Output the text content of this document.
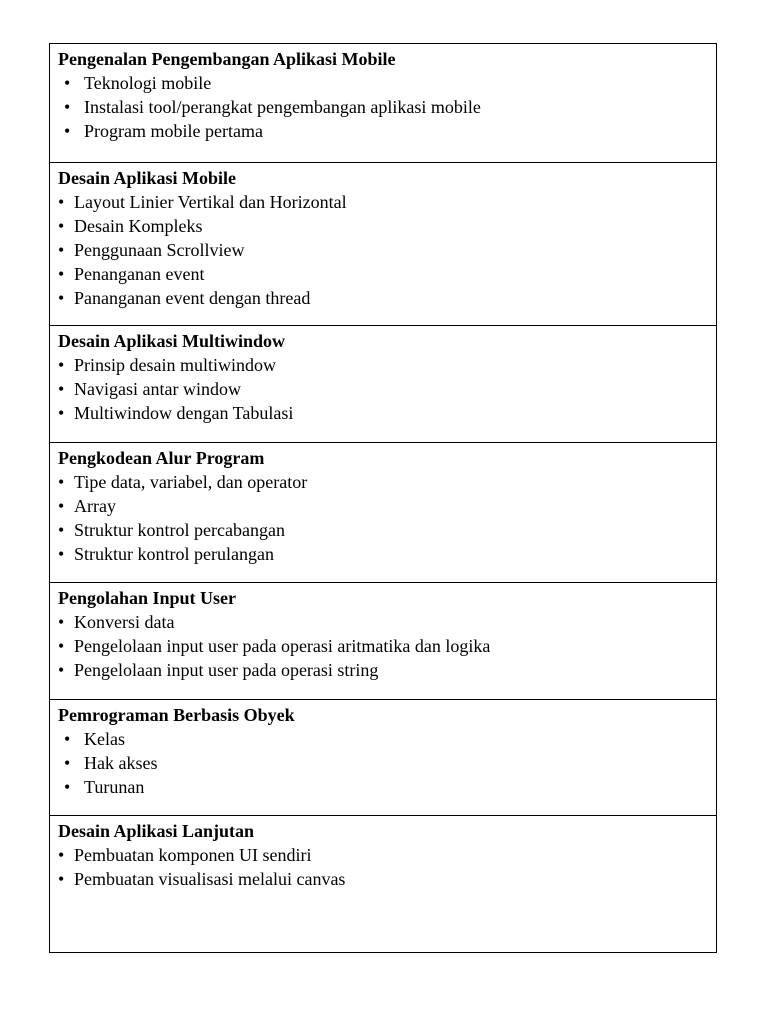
Pengenalan Pengembangan Aplikasi Mobile
• Teknologi mobile
• Instalasi tool/perangkat pengembangan aplikasi mobile
• Program mobile pertama
Desain Aplikasi Mobile
• Layout Linier Vertikal dan Horizontal
• Desain Kompleks
• Penggunaan Scrollview
• Penanganan event
• Pananganan event dengan thread
Desain Aplikasi Multiwindow
• Prinsip desain multiwindow
• Navigasi antar window
• Multiwindow dengan Tabulasi
Pengkodean Alur Program
• Tipe data, variabel, dan operator
• Array
• Struktur kontrol percabangan
• Struktur kontrol perulangan
Pengolahan Input User
• Konversi data
• Pengelolaan input user pada operasi aritmatika dan logika
• Pengelolaan input user pada operasi string
Pemrograman Berbasis Obyek
• Kelas
• Hak akses
• Turunan
Desain Aplikasi Lanjutan
• Pembuatan komponen UI sendiri
• Pembuatan visualisasi melalui canvas
